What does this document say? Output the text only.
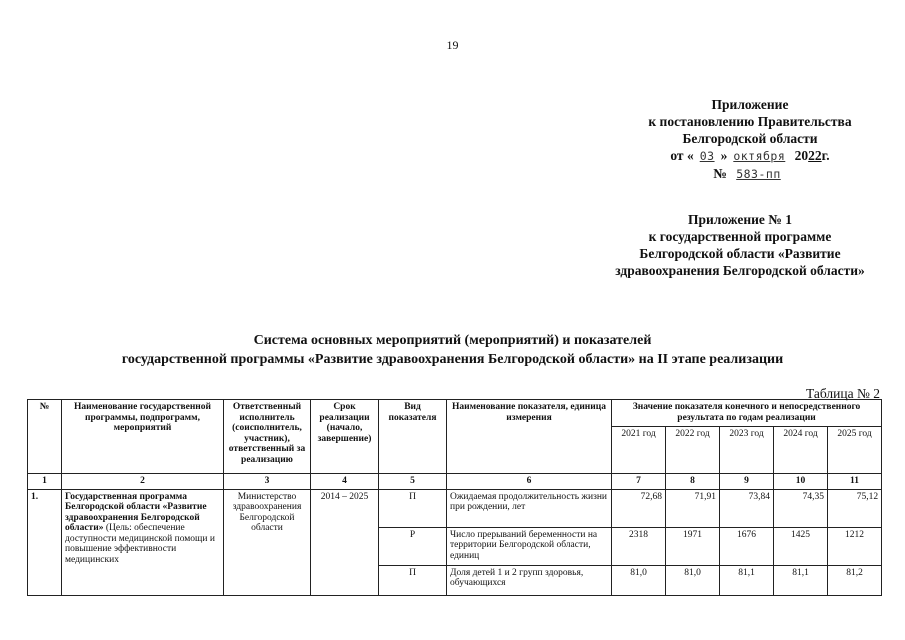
19
Приложение
к постановлению Правительства
Белгородской области
от « 03 » октября 2022г.
№ 583-пп
Приложение № 1
к государственной программе
Белгородской области «Развитие
здравоохранения Белгородской области»
Система основных мероприятий (мероприятий) и показателей
государственной программы «Развитие здравоохранения Белгородской области» на II этапе реализации
Таблица № 2
№	Наименование государственной программы, подпрограмм, мероприятий	Ответственный исполнитель (соисполнитель, участник), ответственный за реализацию	Срок реализации (начало, завершение)	Вид показателя	Наименование показателя, единица измерения	Значение показателя конечного и непосредственного результата по годам реализации				
						2021 год	2022 год	2023 год	2024 год	2025 год
1	2	3	4	5	6	7	8	9	10	11
1.	Государственная программа Белгородской области «Развитие здравоохранения Белгородской области» (Цель: обеспечение доступности медицинской помощи и повышение эффективности медицинских	Министерство здравоохранения Белгородской области	2014 – 2025	П	Ожидаемая продолжительность жизни при рождении, лет	72,68	71,91	73,84	74,35	75,12
				Р	Число прерываний беременности на территории Белгородской области, единиц	2318	1971	1676	1425	1212
				П	Доля детей 1 и 2 групп здоровья, обучающихся	81,0	81,0	81,1	81,1	81,2
